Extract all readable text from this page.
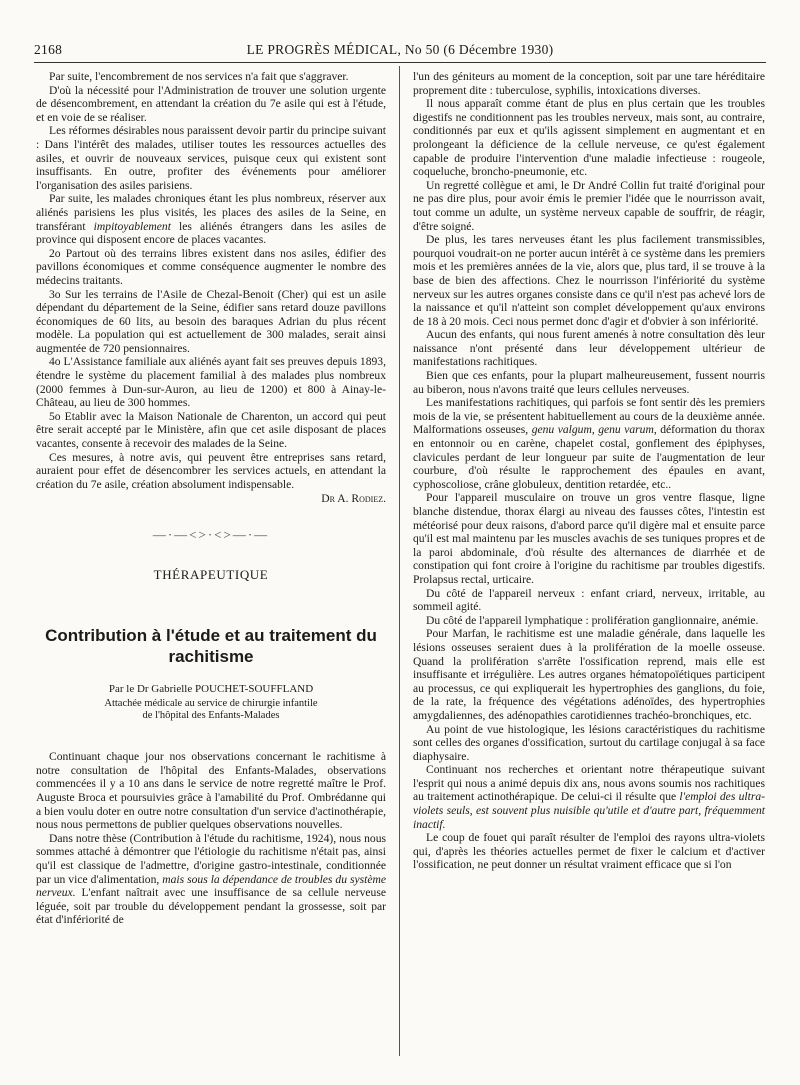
2168	LE PROGRÈS MÉDICAL, No 50 (6 Décembre 1930)

Par suite, l'encombrement de nos services n'a fait que s'aggraver.

D'où la nécessité pour l'Administration de trouver une solution urgente de désencombrement, en attendant la création du 7e asile qui est à l'étude, et en voie de se réaliser.

Les réformes désirables nous paraissent devoir partir du principe suivant : Dans l'intérêt des malades, utiliser toutes les ressources actuelles des asiles, et ouvrir de nouveaux services, puisque ceux qui existent sont insuffisants. En outre, profiter des événements pour améliorer l'organisation des asiles parisiens.

Par suite, les malades chroniques étant les plus nombreux, réserver aux aliénés parisiens les plus visités, les places des asiles de la Seine, en transférant impitoyablement les aliénés étrangers dans les asiles de province qui disposent encore de places vacantes.

2o Partout où des terrains libres existent dans nos asiles, édifier des pavillons économiques et comme conséquence augmenter le nombre des médecins traitants.

3o Sur les terrains de l'Asile de Chezal-Benoit (Cher) qui est un asile dépendant du département de la Seine, édifier sans retard douze pavillons économiques de 60 lits, au besoin des baraques Adrian du plus récent modèle. La population qui est actuellement de 300 malades, serait ainsi augmentée de 720 pensionnaires.

4o L'Assistance familiale aux aliénés ayant fait ses preuves depuis 1893, étendre le système du placement familial à des malades plus nombreux (2000 femmes à Dun-sur-Auron, au lieu de 1200) et 800 à Ainay-le-Château, au lieu de 300 hommes.

5o Etablir avec la Maison Nationale de Charenton, un accord qui peut être serait accepté par le Ministère, afin que cet asile disposant de places vacantes, consente à recevoir des malades de la Seine.

Ces mesures, à notre avis, qui peuvent être entreprises sans retard, auraient pour effet de désencombrer les services actuels, en attendant la création du 7e asile, création absolument indispensable.

Dr A. Rodiez.
—·—<>·<>—·—
THÉRAPEUTIQUE
Contribution à l'étude et au traitement du rachitisme
Par le Dr Gabrielle POUCHET-SOUFFLAND
Attachée médicale au service de chirurgie infantile
de l'hôpital des Enfants-Malades

Continuant chaque jour nos observations concernant le rachitisme à notre consultation de l'hôpital des Enfants-Malades, observations commencées il y a 10 ans dans le service de notre regretté maître le Prof. Auguste Broca et poursuivies grâce à l'amabilité du Prof. Ombrédanne qui a bien voulu doter en outre notre consultation d'un service d'actinothérapie, nous nous permettons de publier quelques observations nouvelles.

Dans notre thèse (Contribution à l'étude du rachitisme, 1924), nous nous sommes attaché à démontrer que l'étiologie du rachitisme n'était pas, ainsi qu'il est classique de l'admettre, d'origine gastro-intestinale, conditionnée par un vice d'alimentation, mais sous la dépendance de troubles du système nerveux. L'enfant naîtrait avec une insuffisance de sa cellule nerveuse léguée, soit par trouble du développement pendant la grossesse, soit par état d'infériorité de

l'un des géniteurs au moment de la conception, soit par une tare héréditaire proprement dite : tuberculose, syphilis, intoxications diverses.

Il nous apparaît comme étant de plus en plus certain que les troubles digestifs ne conditionnent pas les troubles nerveux, mais sont, au contraire, conditionnés par eux et qu'ils agissent simplement en augmentant et en prolongeant la déficience de la cellule nerveuse, ce qu'est également capable de produire l'intervention d'une maladie infectieuse : rougeole, coqueluche, broncho-pneumonie, etc.

Un regretté collègue et ami, le Dr André Collin fut traité d'original pour ne pas dire plus, pour avoir émis le premier l'idée que le nourrisson avait, tout comme un adulte, un système nerveux capable de souffrir, de réagir, d'être soigné.

De plus, les tares nerveuses étant les plus facilement transmissibles, pourquoi voudrait-on ne porter aucun intérêt à ce système dans les premiers mois et les premières années de la vie, alors que, plus tard, il se trouve à la base de bien des affections. Chez le nourrisson l'infériorité du système nerveux sur les autres organes consiste dans ce qu'il n'est pas achevé lors de la naissance et qu'il n'atteint son complet développement qu'aux environs de 18 à 20 mois. Ceci nous permet donc d'agir et d'obvier à son infériorité.

Aucun des enfants, qui nous furent amenés à notre consultation dès leur naissance n'ont présenté dans leur développement ultérieur de manifestations rachitiques.

Bien que ces enfants, pour la plupart malheureusement, fussent nourris au biberon, nous n'avons traité que leurs cellules nerveuses.

Les manifestations rachitiques, qui parfois se font sentir dès les premiers mois de la vie, se présentent habituellement au cours de la deuxième année. Malformations osseuses, genu valgum, genu varum, déformation du thorax en entonnoir ou en carène, chapelet costal, gonflement des épiphyses, clavicules perdant de leur longueur par suite de l'augmentation de leur courbure, d'où résulte le rapprochement des épaules en avant, cyphoscoliose, crâne globuleux, dentition retardée, etc..

Pour l'appareil musculaire on trouve un gros ventre flasque, ligne blanche distendue, thorax élargi au niveau des fausses côtes, l'intestin est météorisé pour deux raisons, d'abord parce qu'il digère mal et ensuite parce qu'il est mal maintenu par les muscles avachis de ses tuniques propres et de la paroi abdominale, d'où résulte des alternances de diarrhée et de constipation qui font croire à l'origine du rachitisme par troubles digestifs. Prolapsus rectal, urticaire.

Du côté de l'appareil nerveux : enfant criard, nerveux, irritable, au sommeil agité.

Du côté de l'appareil lymphatique : prolifération ganglionnaire, anémie.

Pour Marfan, le rachitisme est une maladie générale, dans laquelle les lésions osseuses seraient dues à la prolifération de la moelle osseuse. Quand la prolifération s'arrête l'ossification reprend, mais elle est insuffisante et irrégulière. Les autres organes hématopoïétiques participent au processus, ce qui expliquerait les hypertrophies des ganglions, du foie, de la rate, la fréquence des végétations adénoïdes, des hypertrophies amygdaliennes, des adénopathies carotidiennes trachéo-bronchiques, etc.

Au point de vue histologique, les lésions caractéristiques du rachitisme sont celles des organes d'ossification, surtout du cartilage conjugal à sa face diaphysaire.

Continuant nos recherches et orientant notre thérapeutique suivant l'esprit qui nous a animé depuis dix ans, nous avons soumis nos rachitiques au traitement actinothérapique. De celui-ci il résulte que l'emploi des ultra-violets seuls, est souvent plus nuisible qu'utile et d'autre part, fréquemment inactif.

Le coup de fouet qui paraît résulter de l'emploi des rayons ultra-violets qui, d'après les théories actuelles permet de fixer le calcium et d'activer l'ossification, ne peut donner un résultat vraiment efficace que si l'on
